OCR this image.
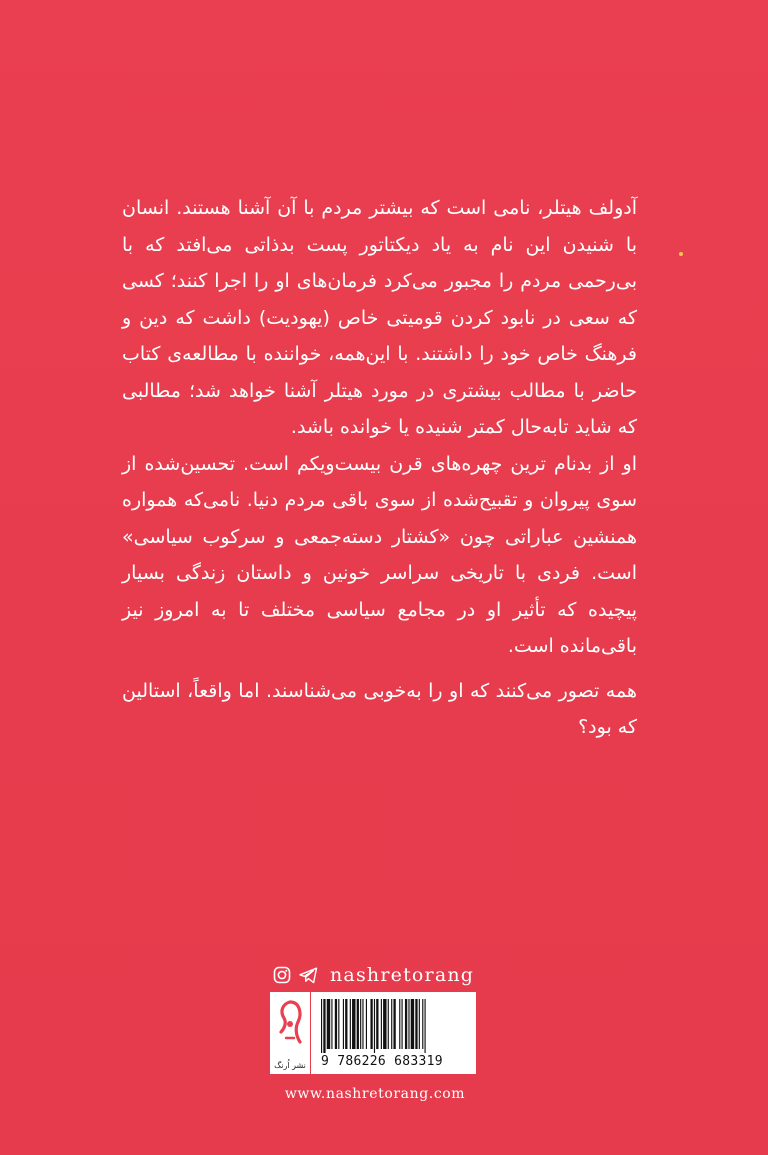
آدولف هیتلر، نامی است که بیشتر مردم با آن آشنا هستند. انسان با شنیدن این نام به یاد دیکتاتور پست بدذاتی می‌افتد که با بی‌رحمی مردم را مجبور می‌کرد فرمان‌های او را اجرا کنند؛ کسی که سعی در نابود کردن قومیتی خاص (یهودیت) داشت که دین و فرهنگ خاص خود را داشتند. با این‌همه، خواننده با مطالعه‌ی کتاب حاضر با مطالب بیشتری در مورد هیتلر آشنا خواهد شد؛ مطالبی که شاید تابه‌حال کمتر شنیده یا خوانده باشد.

او از بدنام ترین چهره‌های قرن بیست‌ویکم است. تحسین‌شده از سوی پیروان و تقبیح‌شده از سوی باقی مردم دنیا. نامی‌که همواره همنشین عباراتی چون «کشتار دسته‌جمعی و سرکوب سیاسی» است. فردی با تاریخی سراسر خونین و داستان زندگی بسیار پیچیده که تأثیر او در مجامع سیاسی مختلف تا به امروز نیز باقی‌مانده است.

همه تصور می‌کنند که او را به‌خوبی می‌شناسند. اما واقعاً، استالین که بود؟

nashretorang
نشر اُرنگ 9 786226 683319
www.nashretorang.com
